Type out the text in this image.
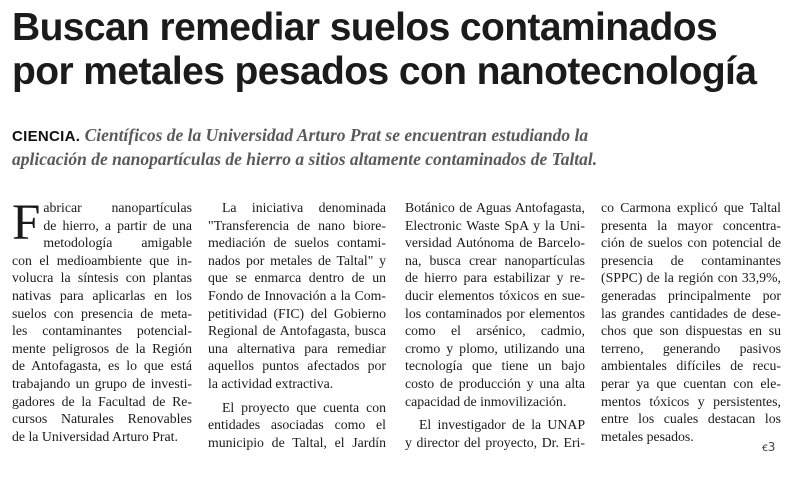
Buscan remediar suelos contaminados
por metales pesados con nanotecnología
CIENCIA. Científicos de la Universidad Arturo Prat se encuentran estudiando la
aplicación de nanopartículas de hierro a sitios altamente contaminados de Taltal.
F abricar nanopartículas
de hierro, a partir de una
metodología amigable
con el medioambiente que in-
volucra la síntesis con plantas
nativas para aplicarlas en los
suelos con presencia de meta-
les contaminantes potencial-
mente peligrosos de la Región
de Antofagasta, es lo que está
trabajando un grupo de investi-
gadores de la Facultad de Re-
cursos Naturales Renovables
de la Universidad Arturo Prat.
La iniciativa denominada
"Transferencia de nano biore-
mediación de suelos contami-
nados por metales de Taltal" y
que se enmarca dentro de un
Fondo de Innovación a la Com-
petitividad (FIC) del Gobierno
Regional de Antofagasta, busca
una alternativa para remediar
aquellos puntos afectados por
la actividad extractiva.
El proyecto que cuenta con
entidades asociadas como el
municipio de Taltal, el Jardín
Botánico de Aguas Antofagasta,
Electronic Waste SpA y la Uni-
versidad Autónoma de Barcelo-
na, busca crear nanopartículas
de hierro para estabilizar y re-
ducir elementos tóxicos en sue-
los contaminados por elementos
como el arsénico, cadmio,
cromo y plomo, utilizando una
tecnología que tiene un bajo
costo de producción y una alta
capacidad de inmovilización.
El investigador de la UNAP
y director del proyecto, Dr. Eri-
co Carmona explicó que Taltal
presenta la mayor concentra-
ción de suelos con potencial de
presencia de contaminantes
(SPPC) de la región con 33,9%,
generadas principalmente por
las grandes cantidades de dese-
chos que son dispuestas en su
terreno, generando pasivos
ambientales difíciles de recu-
perar ya que cuentan con ele-
mentos tóxicos y persistentes,
entre los cuales destacan los
metales pesados.
ꞓ3
